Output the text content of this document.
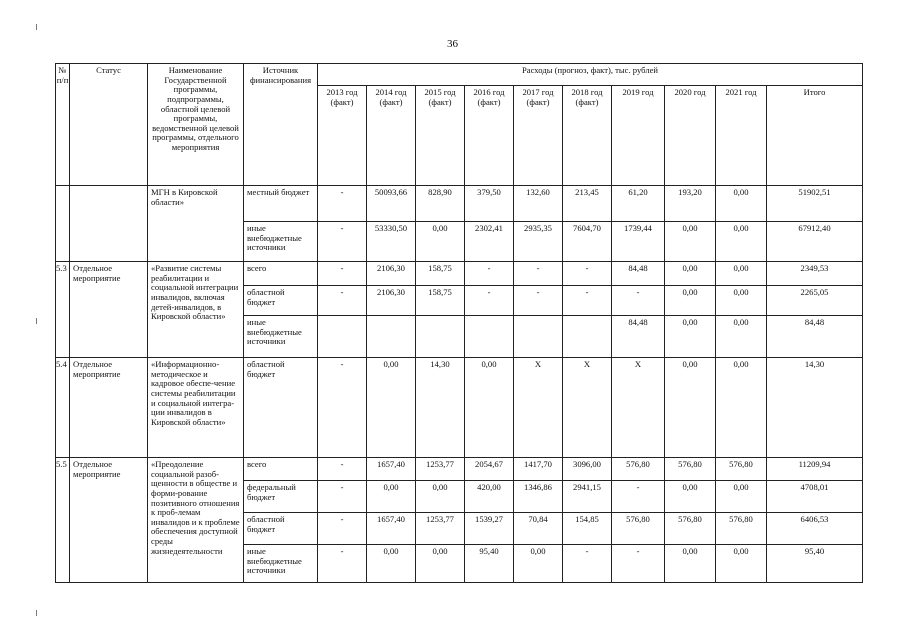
36
№ п/п	Статус	Наименование Государственной программы, подпрограммы, областной целевой программы, ведомственной целевой программы, отдельного мероприятия	Источник финансирования	Расходы (прогноз, факт), тыс. рублей									
				2013 год (факт)	2014 год (факт)	2015 год (факт)	2016 год (факт)	2017 год (факт)	2018 год (факт)	2019 год	2020 год	2021 год	Итого
		МГН в Кировской области»	местный бюджет	-	50093,66	828,90	379,50	132,60	213,45	61,20	193,20	0,00	51902,51
			иные внебюджетные источники	-	53330,50	0,00	2302,41	2935,35	7604,70	1739,44	0,00	0,00	67912,40
5.3	Отдельное мероприятие	«Развитие системы реабилитации и социальной интеграции инвалидов, включая детей-инвалидов, в Кировской области»	всего	-	2106,30	158,75	-	-	-	84,48	0,00	0,00	2349,53
			областной бюджет	-	2106,30	158,75	-	-	-	-	0,00	0,00	2265,05
			иные внебюджетные источники							84,48	0,00	0,00	84,48
5.4	Отдельное мероприятие	«Информационно-методическое и кадровое обеспе-чение системы реабилитации и социальной интегра-ции инвалидов в Кировской области»	областной бюджет	-	0,00	14,30	0,00	X	X	X	0,00	0,00	14,30
5.5	Отдельное мероприятие	«Преодоление социальной разоб-щенности в обществе и форми-рование позитивного отношения к проб-лемам инвалидов и к проблеме обеспечения доступной среды жизнедеятельности	всего	-	1657,40	1253,77	2054,67	1417,70	3096,00	576,80	576,80	576,80	11209,94
			федеральный бюджет	-	0,00	0,00	420,00	1346,86	2941,15	-	0,00	0,00	4708,01
			областной бюджет	-	1657,40	1253,77	1539,27	70,84	154,85	576,80	576,80	576,80	6406,53
			иные внебюджетные источники	-	0,00	0,00	95,40	0,00	-	-	0,00	0,00	95,40
